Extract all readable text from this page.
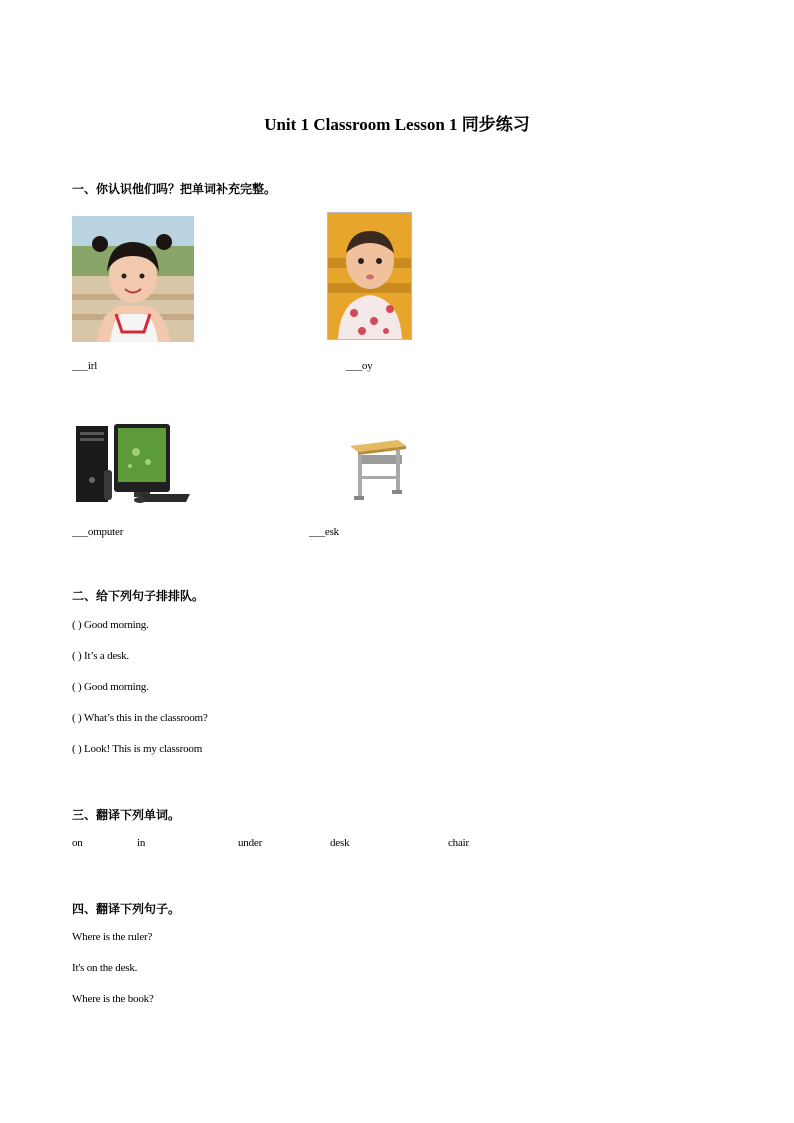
Unit 1 Classroom Lesson 1 同步练习
一、你认识他们吗？把单词补充完整。
___irl	___oy
___omputer	___esk
二、给下列句子排排队。
( ) Good morning.
( ) It’s a desk.
( ) Good morning.
( ) What’s this in the classroom?
( ) Look! This is my classroom
三、翻译下列单词。
on	in	under	desk	chair
四、翻译下列句子。
Where is the ruler?
It's on the desk.
Where is the book?
